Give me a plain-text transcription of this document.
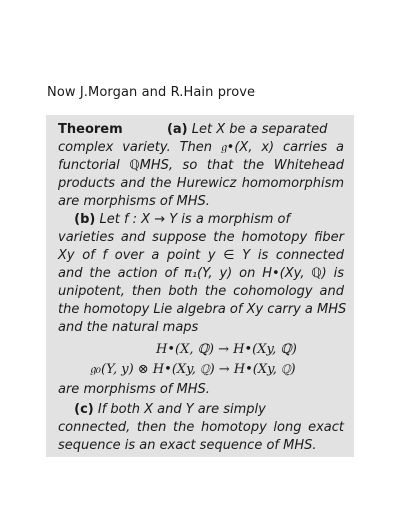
Now J.Morgan and R.Hain prove
Theorem	(a) Let X be a separated
complex variety. Then 𝔤•(X, x) carries a
functorial ℚMHS, so that the Whitehead
products and the Hurewicz homomorphism
are morphisms of MHS.
(b) Let f : X → Y is a morphism of
varieties and suppose the homotopy fiber
Xy of f over a point y ∈ Y is connected
and the action of π₁(Y, y) on H•(Xy, ℚ) is
unipotent, then both the cohomology and
the homotopy Lie algebra of Xy carry a MHS
and the natural maps
H•(X, ℚ) → H•(Xy, ℚ)
𝔤₀(Y, y) ⊗ H•(Xy, ℚ) → H•(Xy, ℚ)
are morphisms of MHS.
(c) If both X and Y are simply
connected, then the homotopy long exact
sequence is an exact sequence of MHS.
